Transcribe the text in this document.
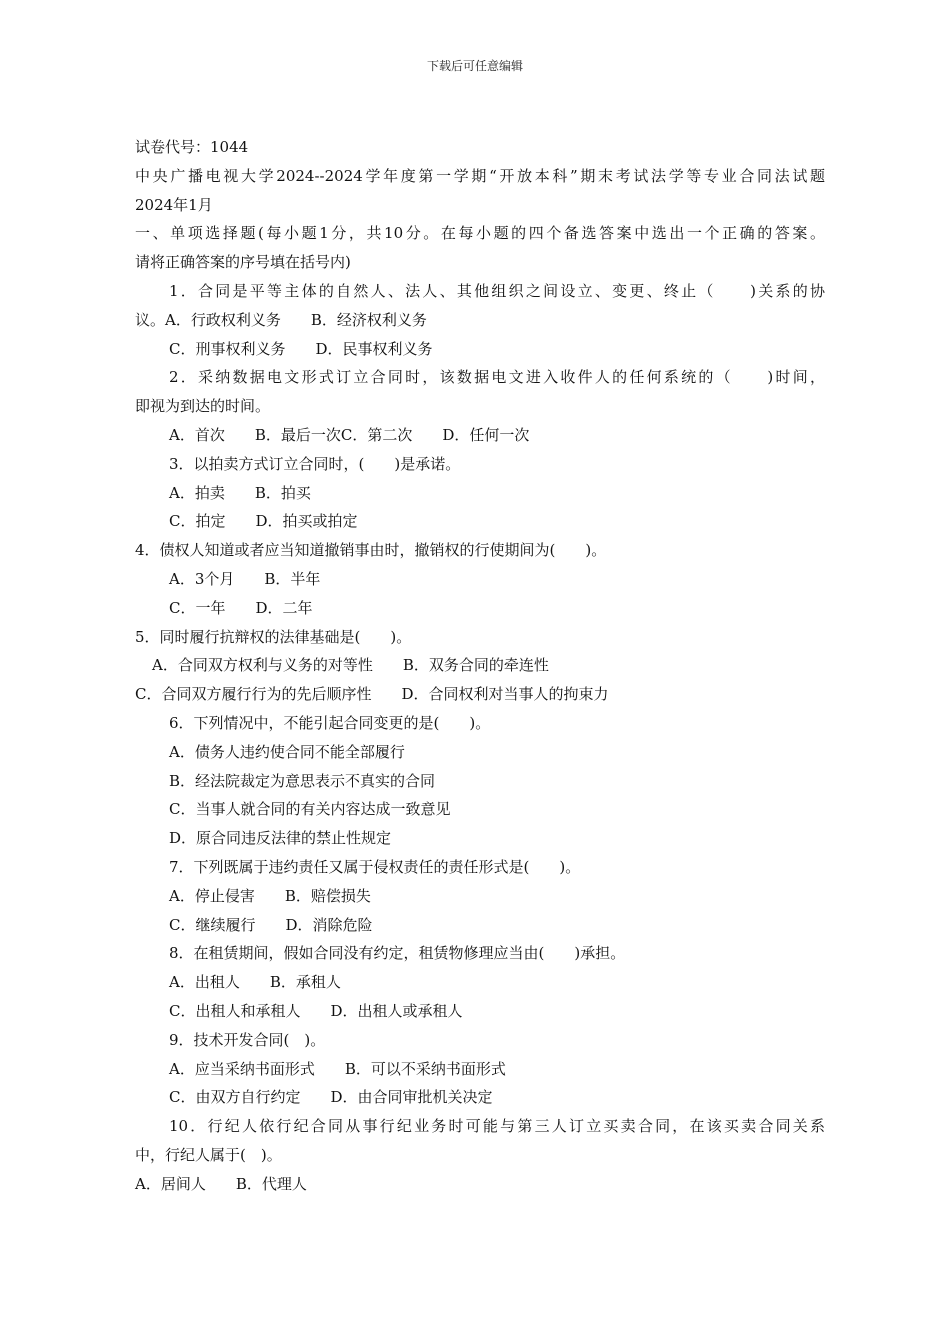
下载后可任意编辑
试卷代号：1044
中央广播电视大学2024--2024学年度第一学期“开放本科”期末考试法学等专业合同法试题
2024年1月
一、单项选择题(每小题1分，共10分。在每小题的四个备选答案中选出一个正确的答案。
请将正确答案的序号填在括号内)
1．合同是平等主体的自然人、法人、其他组织之间设立、变更、终止（　　)关系的协
议。A．行政权利义务　　B．经济权利义务
C．刑事权利义务　　D．民事权利义务
2．采纳数据电文形式订立合同时，该数据电文进入收件人的任何系统的（　　)时间，
即视为到达的时间。
A．首次　　B．最后一次C．第二次　　D．任何一次
3．以拍卖方式订立合同时，(　　)是承诺。
A．拍卖　　B．拍买
C．拍定　　D．拍买或拍定
4．债权人知道或者应当知道撤销事由时，撤销权的行使期间为(　　)。
A．3个月　　B．半年
C．一年　　D．二年
5．同时履行抗辩权的法律基础是(　　)。
A．合同双方权利与义务的对等性　　B．双务合同的牵连性
C．合同双方履行行为的先后顺序性　　D．合同权利对当事人的拘束力
6．下列情况中，不能引起合同变更的是(　　)。
A．债务人违约使合同不能全部履行
B．经法院裁定为意思表示不真实的合同
C．当事人就合同的有关内容达成一致意见
D．原合同违反法律的禁止性规定
7．下列既属于违约责任又属于侵权责任的责任形式是(　　)。
A．停止侵害　　B．赔偿损失
C．继续履行　　D．消除危险
8．在租赁期间，假如合同没有约定，租赁物修理应当由(　　)承担。
A．出租人　　B．承租人
C．出租人和承租人　　D．出租人或承租人
9．技术开发合同(　)。
A．应当采纳书面形式　　B．可以不采纳书面形式
C．由双方自行约定　　D．由合同审批机关决定
10．行纪人依行纪合同从事行纪业务时可能与第三人订立买卖合同，在该买卖合同关系
中，行纪人属于(　)。
A．居间人　　B．代理人
